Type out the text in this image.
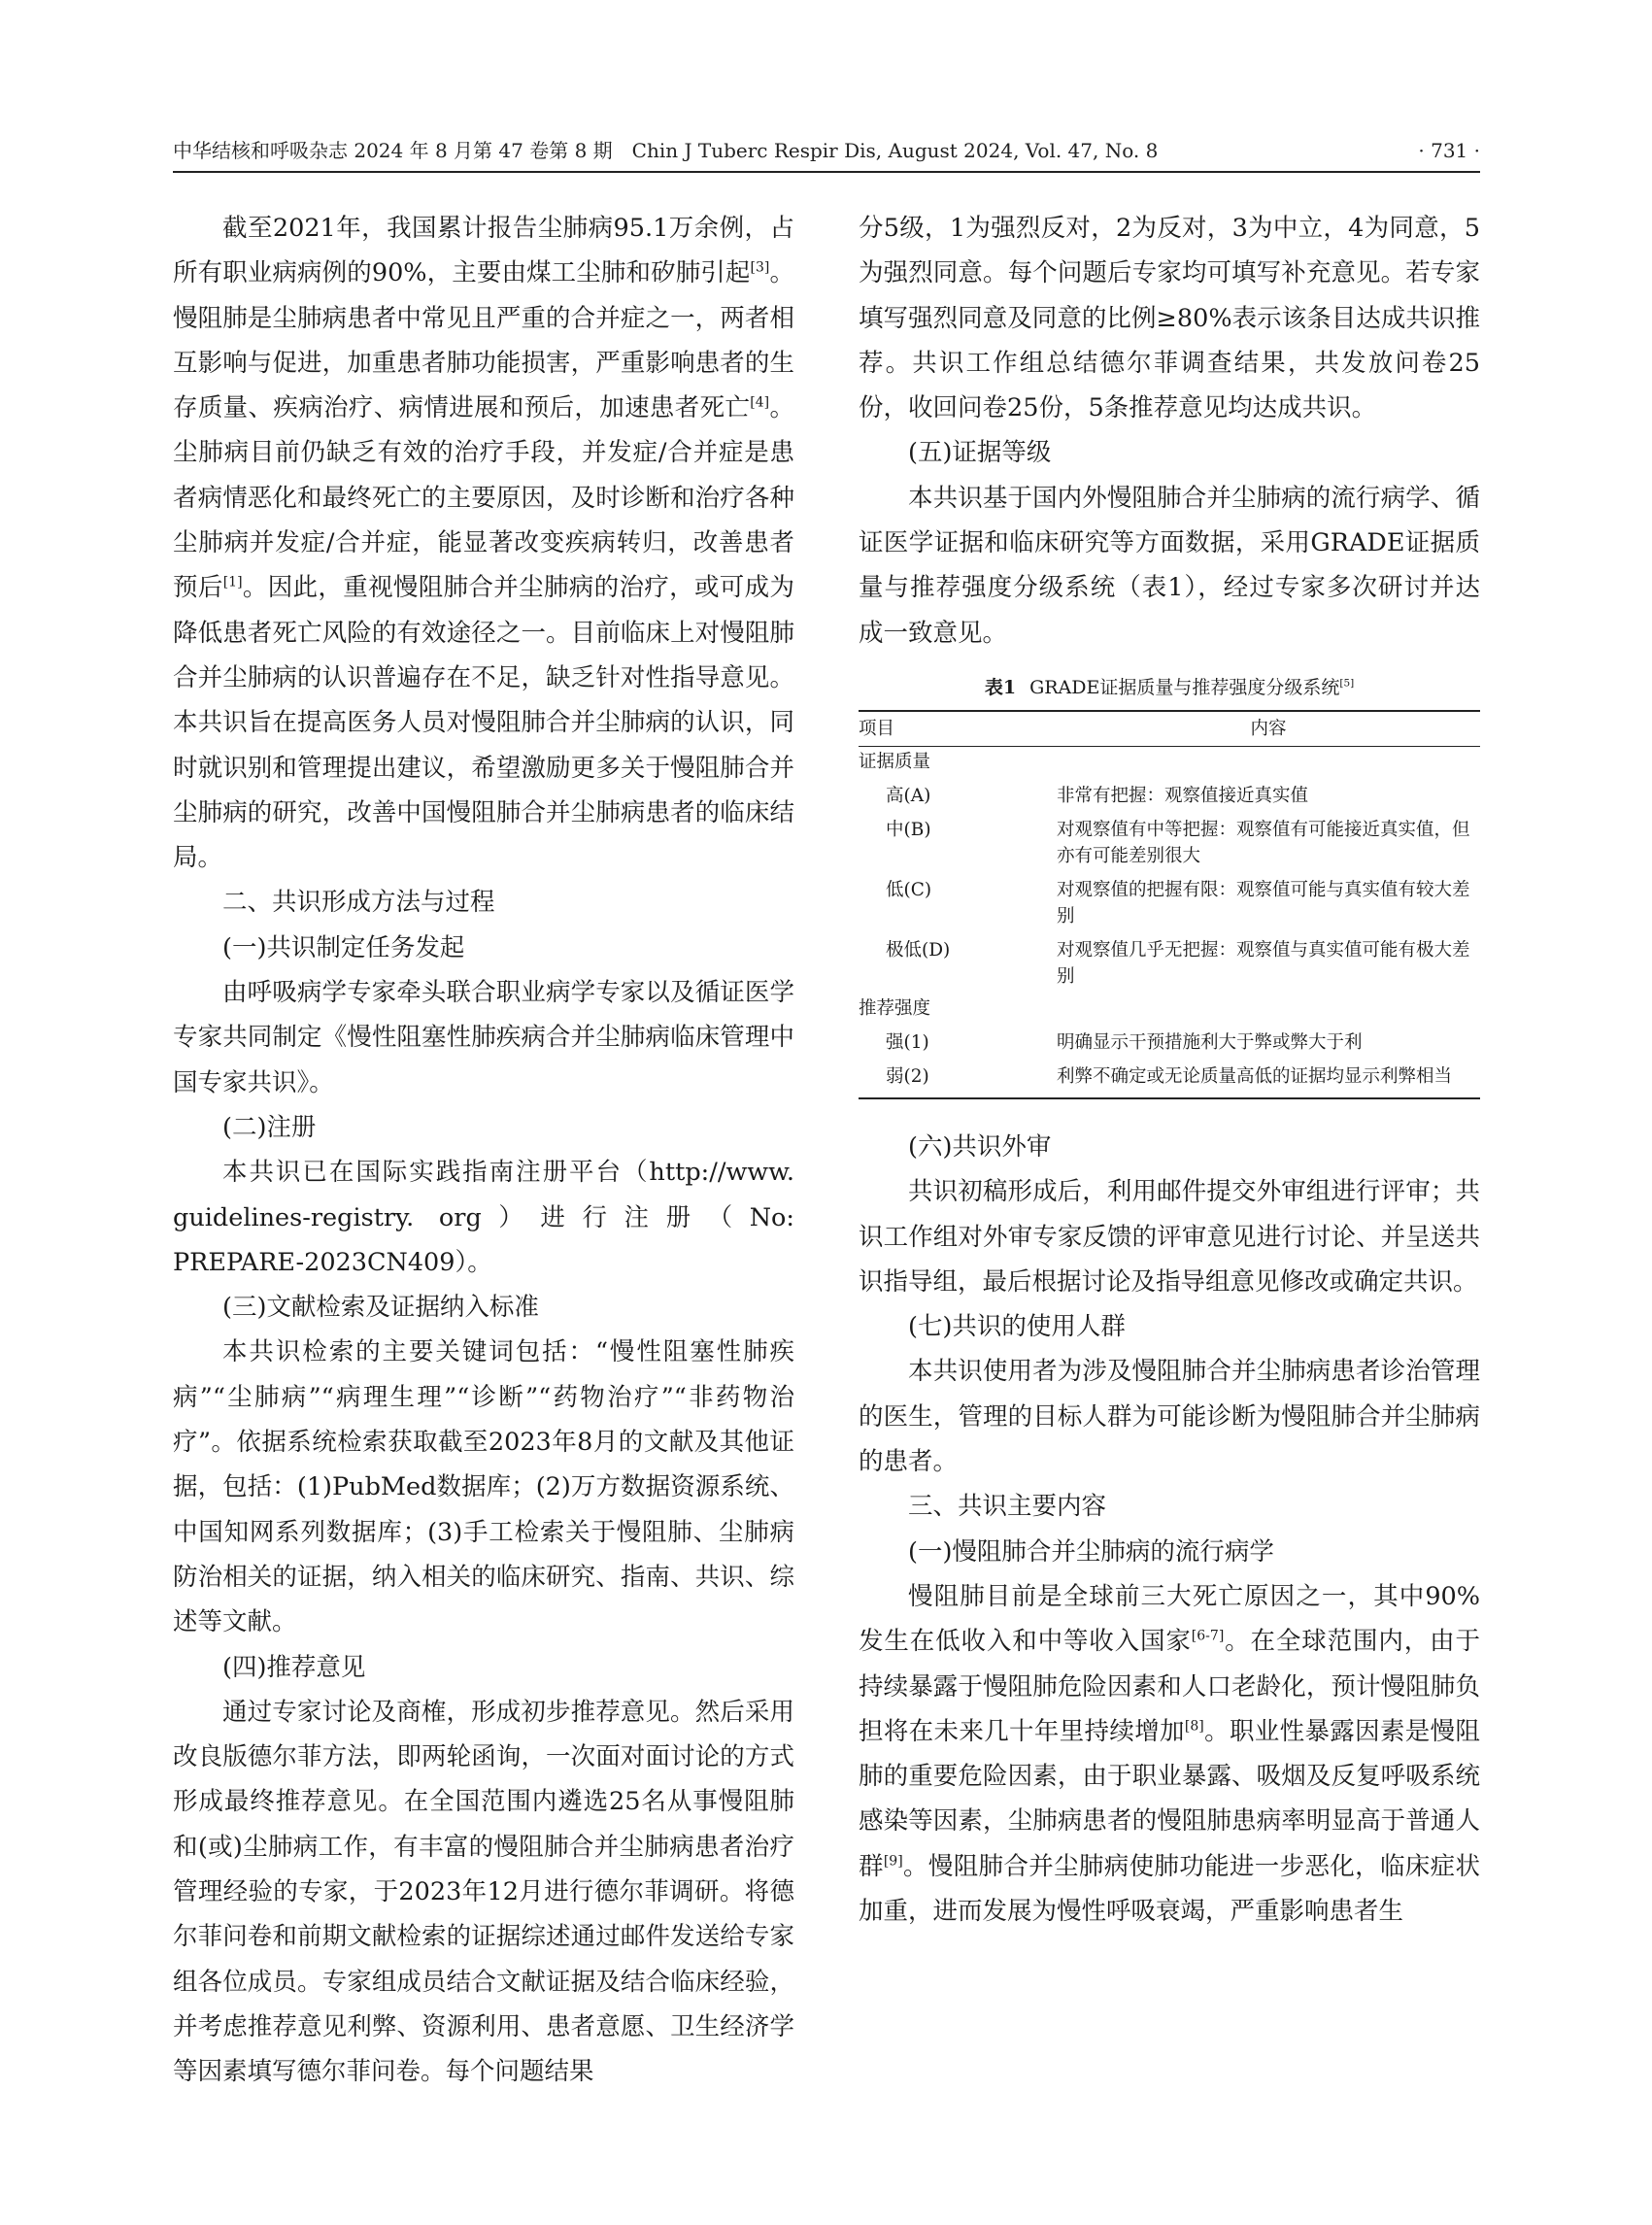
中华结核和呼吸杂志 2024 年 8 月第 47 卷第 8 期　Chin J Tuberc Respir Dis, August 2024, Vol. 47, No. 8	· 731 ·

截至2021年，我国累计报告尘肺病95.1万余例，占所有职业病病例的90%，主要由煤工尘肺和矽肺引起[3]。慢阻肺是尘肺病患者中常见且严重的合并症之一，两者相互影响与促进，加重患者肺功能损害，严重影响患者的生存质量、疾病治疗、病情进展和预后，加速患者死亡[4]。尘肺病目前仍缺乏有效的治疗手段，并发症/合并症是患者病情恶化和最终死亡的主要原因，及时诊断和治疗各种尘肺病并发症/合并症，能显著改变疾病转归，改善患者预后[1]。因此，重视慢阻肺合并尘肺病的治疗，或可成为降低患者死亡风险的有效途径之一。目前临床上对慢阻肺合并尘肺病的认识普遍存在不足，缺乏针对性指导意见。本共识旨在提高医务人员对慢阻肺合并尘肺病的认识，同时就识别和管理提出建议，希望激励更多关于慢阻肺合并尘肺病的研究，改善中国慢阻肺合并尘肺病患者的临床结局。

二、共识形成方法与过程

(一)共识制定任务发起

由呼吸病学专家牵头联合职业病学专家以及循证医学专家共同制定《慢性阻塞性肺疾病合并尘肺病临床管理中国专家共识》。

(二)注册

本共识已在国际实践指南注册平台（http://www. guidelines-registry. org）进行注册（No: PREPARE-2023CN409）。

(三)文献检索及证据纳入标准

本共识检索的主要关键词包括：“慢性阻塞性肺疾病”“尘肺病”“病理生理”“诊断”“药物治疗”“非药物治疗”。依据系统检索获取截至2023年8月的文献及其他证据，包括：(1)PubMed数据库；(2)万方数据资源系统、中国知网系列数据库；(3)手工检索关于慢阻肺、尘肺病防治相关的证据，纳入相关的临床研究、指南、共识、综述等文献。

(四)推荐意见

通过专家讨论及商榷，形成初步推荐意见。然后采用改良版德尔菲方法，即两轮函询，一次面对面讨论的方式形成最终推荐意见。在全国范围内遴选25名从事慢阻肺和(或)尘肺病工作，有丰富的慢阻肺合并尘肺病患者治疗管理经验的专家，于2023年12月进行德尔菲调研。将德尔菲问卷和前期文献检索的证据综述通过邮件发送给专家组各位成员。专家组成员结合文献证据及结合临床经验，并考虑推荐意见利弊、资源利用、患者意愿、卫生经济学等因素填写德尔菲问卷。每个问题结果

分5级，1为强烈反对，2为反对，3为中立，4为同意，5为强烈同意。每个问题后专家均可填写补充意见。若专家填写强烈同意及同意的比例≥80%表示该条目达成共识推荐。共识工作组总结德尔菲调查结果，共发放问卷25份，收回问卷25份，5条推荐意见均达成共识。

(五)证据等级

本共识基于国内外慢阻肺合并尘肺病的流行病学、循证医学证据和临床研究等方面数据，采用GRADE证据质量与推荐强度分级系统（表1），经过专家多次研讨并达成一致意见。

表1 GRADE证据质量与推荐强度分级系统[5]
项目	内容
证据质量	
高(A)	非常有把握：观察值接近真实值
中(B)	对观察值有中等把握：观察值有可能接近真实值，但亦有可能差别很大
低(C)	对观察值的把握有限：观察值可能与真实值有较大差别
极低(D)	对观察值几乎无把握：观察值与真实值可能有极大差别
推荐强度	
强(1)	明确显示干预措施利大于弊或弊大于利
弱(2)	利弊不确定或无论质量高低的证据均显示利弊相当

(六)共识外审

共识初稿形成后，利用邮件提交外审组进行评审；共识工作组对外审专家反馈的评审意见进行讨论、并呈送共识指导组，最后根据讨论及指导组意见修改或确定共识。

(七)共识的使用人群

本共识使用者为涉及慢阻肺合并尘肺病患者诊治管理的医生，管理的目标人群为可能诊断为慢阻肺合并尘肺病的患者。

三、共识主要内容

(一)慢阻肺合并尘肺病的流行病学

慢阻肺目前是全球前三大死亡原因之一，其中90%发生在低收入和中等收入国家[6-7]。在全球范围内，由于持续暴露于慢阻肺危险因素和人口老龄化，预计慢阻肺负担将在未来几十年里持续增加[8]。职业性暴露因素是慢阻肺的重要危险因素，由于职业暴露、吸烟及反复呼吸系统感染等因素，尘肺病患者的慢阻肺患病率明显高于普通人群[9]。慢阻肺合并尘肺病使肺功能进一步恶化，临床症状加重，进而发展为慢性呼吸衰竭，严重影响患者生
